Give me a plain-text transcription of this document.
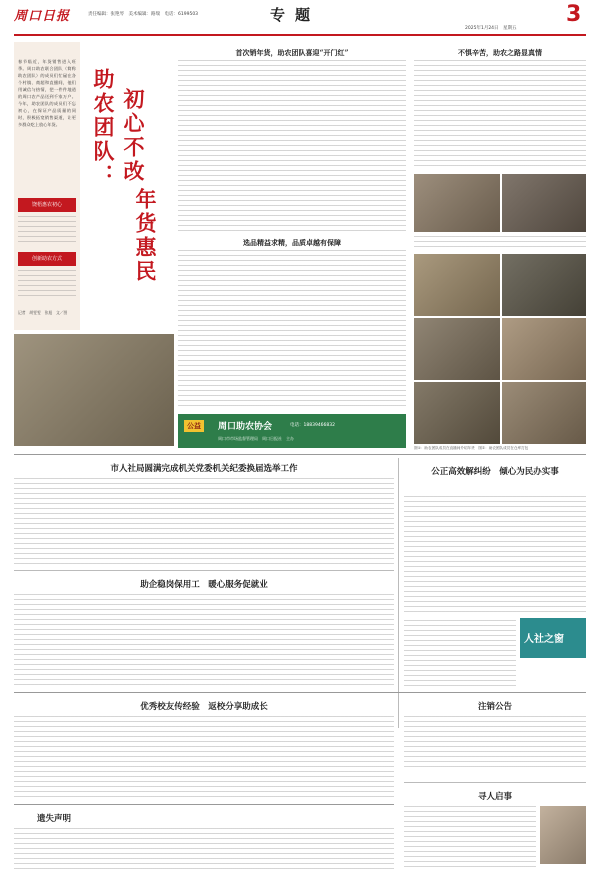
周口日报	责任编辑：张艳琴　美术编辑：路瑞　电话：6199503	专题
2025年1月24日　星期五
3
春节临近，年货销售进入旺季。周口助农联合团队（简称助农团队）的成员们忙碌在各个村镇、商超和直播间，他们用诚信与热情，把一件件地道的周口农产品送到千家万户。今年，助农团队的成员们不忘初心，在保证产品质量的同时，积极拓宽销售渠道，让更多群众吃上放心年货。
饶梧惠农初心
创新助农方式
记者　胡雯雯　张旭　文／图
初心不改
助农团队：
年货惠民
首次销年货，助农团队喜迎“开门红”	不惧辛苦，助农之路显真情
选品精益求精，品质卓越有保障
公益	周口助农协会	电话：18839466832
周口市市场监督管理局　周口日报社　主办
图①：助农团队成员在直播间介绍年货　图②：助农团队成员在仓库打包
市人社局圆满完成机关党委机关纪委换届选举工作
助企稳岗保用工　暖心服务促就业
公正高效解纠纷　倾心为民办实事
人社之窗
优秀校友传经验　返校分享助成长	注销公告
寻人启事
遗失声明
